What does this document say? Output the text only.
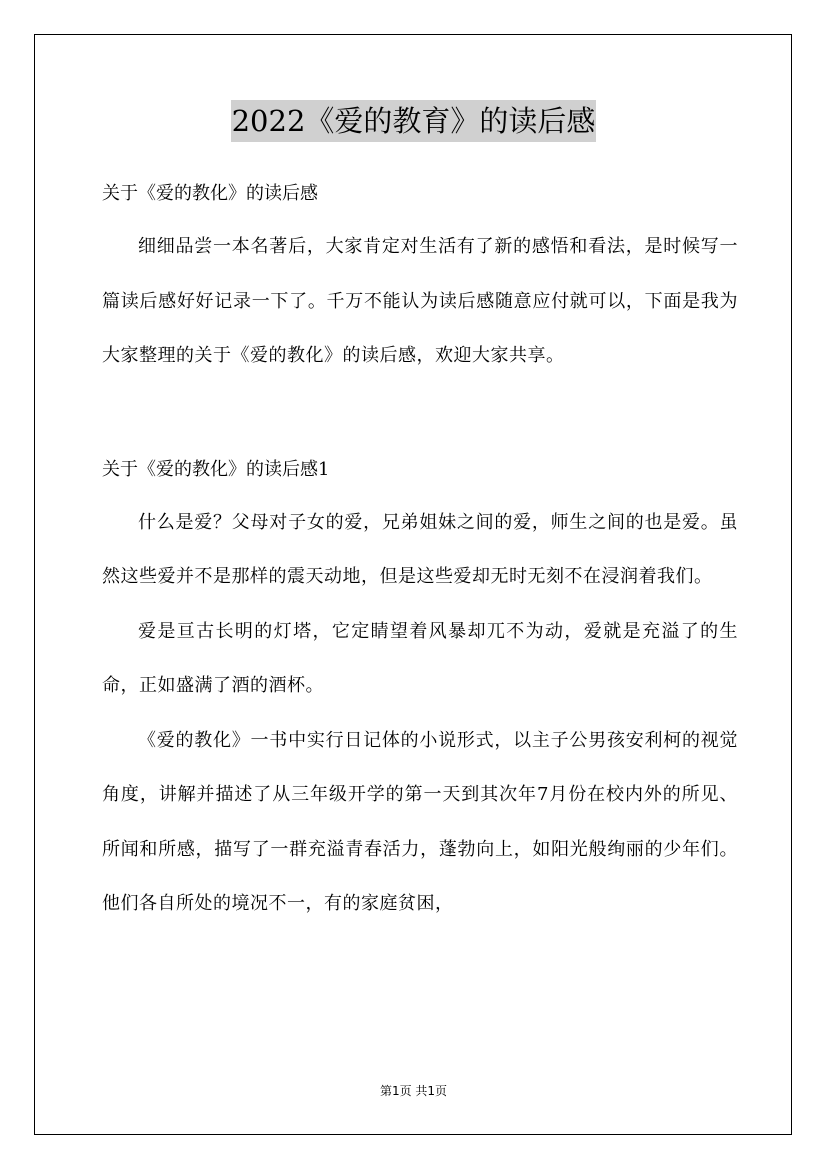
2022《爱的教育》的读后感
关于《爱的教化》的读后感

细细品尝一本名著后，大家肯定对生活有了新的感悟和看法，是时候写一篇读后感好好记录一下了。千万不能认为读后感随意应付就可以，下面是我为大家整理的关于《爱的教化》的读后感，欢迎大家共享。

关于《爱的教化》的读后感1

什么是爱？父母对子女的爱，兄弟姐妹之间的爱，师生之间的也是爱。虽然这些爱并不是那样的震天动地，但是这些爱却无时无刻不在浸润着我们。

爱是亘古长明的灯塔，它定睛望着风暴却兀不为动，爱就是充溢了的生命，正如盛满了酒的酒杯。

《爱的教化》一书中实行日记体的小说形式，以主子公男孩安利柯的视觉角度，讲解并描述了从三年级开学的第一天到其次年7月份在校内外的所见、所闻和所感，描写了一群充溢青春活力，蓬勃向上，如阳光般绚丽的少年们。他们各自所处的境况不一，有的家庭贫困，

第1页 共1页
